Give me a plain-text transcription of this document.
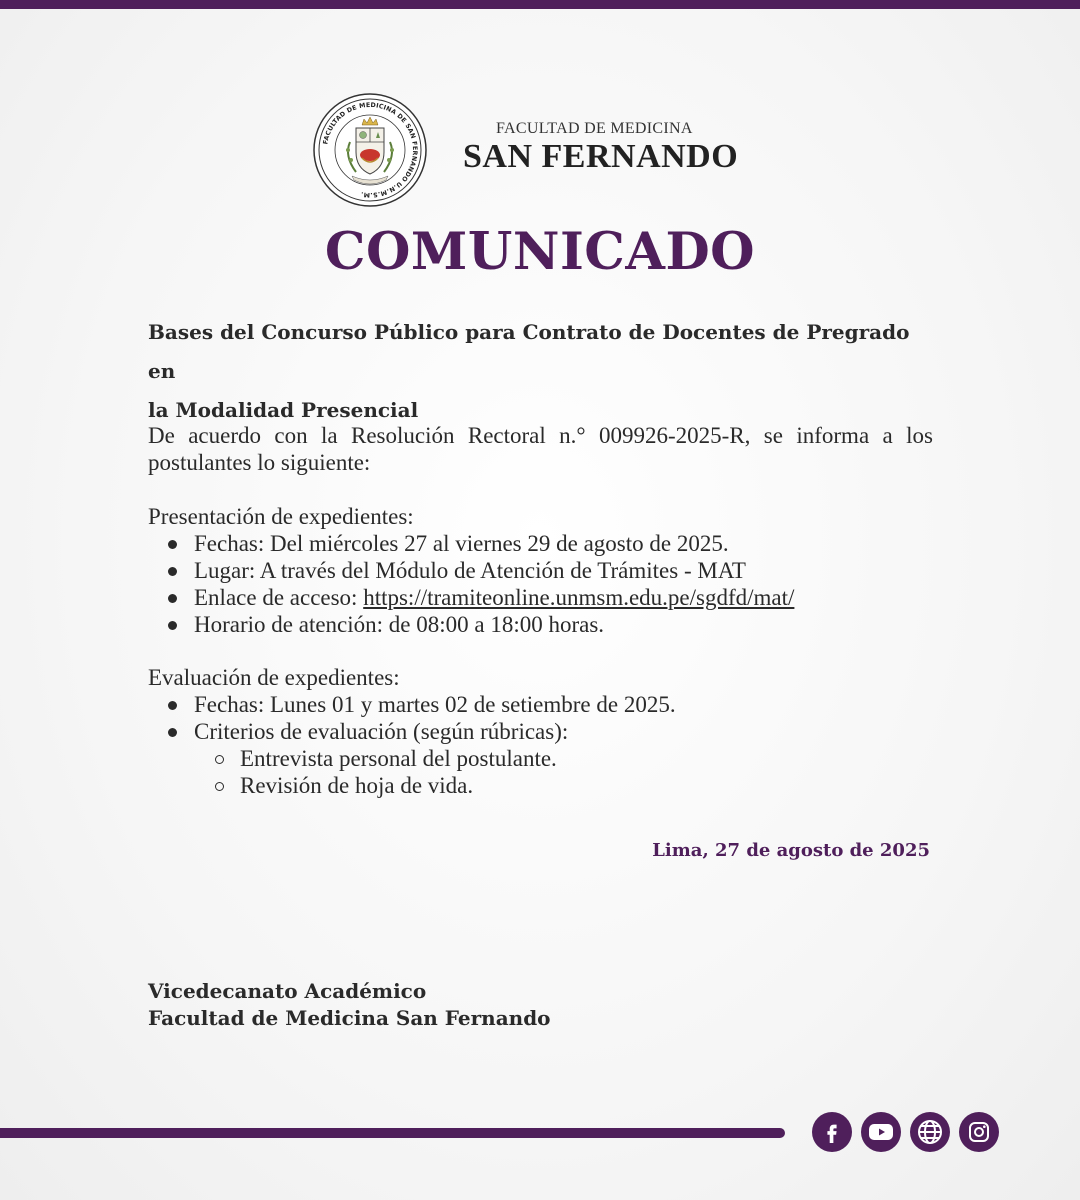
FACULTAD DE MEDICINA DE SAN FERNANDO U.N.M.S.M.
FACULTAD DE MEDICINA
SAN FERNANDO
COMUNICADO
Bases del Concurso Público para Contrato de Docentes de Pregrado en
la Modalidad Presencial
De acuerdo con la Resolución Rectoral n.° 009926-2025-R, se informa a los postulantes lo siguiente:
Presentación de expedientes:
Fechas: Del miércoles 27 al viernes 29 de agosto de 2025.
Lugar: A través del Módulo de Atención de Trámites - MAT
Enlace de acceso: https://tramiteonline.unmsm.edu.pe/sgdfd/mat/
Horario de atención: de 08:00 a 18:00 horas.
Evaluación de expedientes:
Fechas: Lunes 01 y martes 02 de setiembre de 2025.
Criterios de evaluación (según rúbricas):
Entrevista personal del postulante.
Revisión de hoja de vida.
Lima, 27 de agosto de 2025
Vicedecanato Académico
Facultad de Medicina San Fernando
